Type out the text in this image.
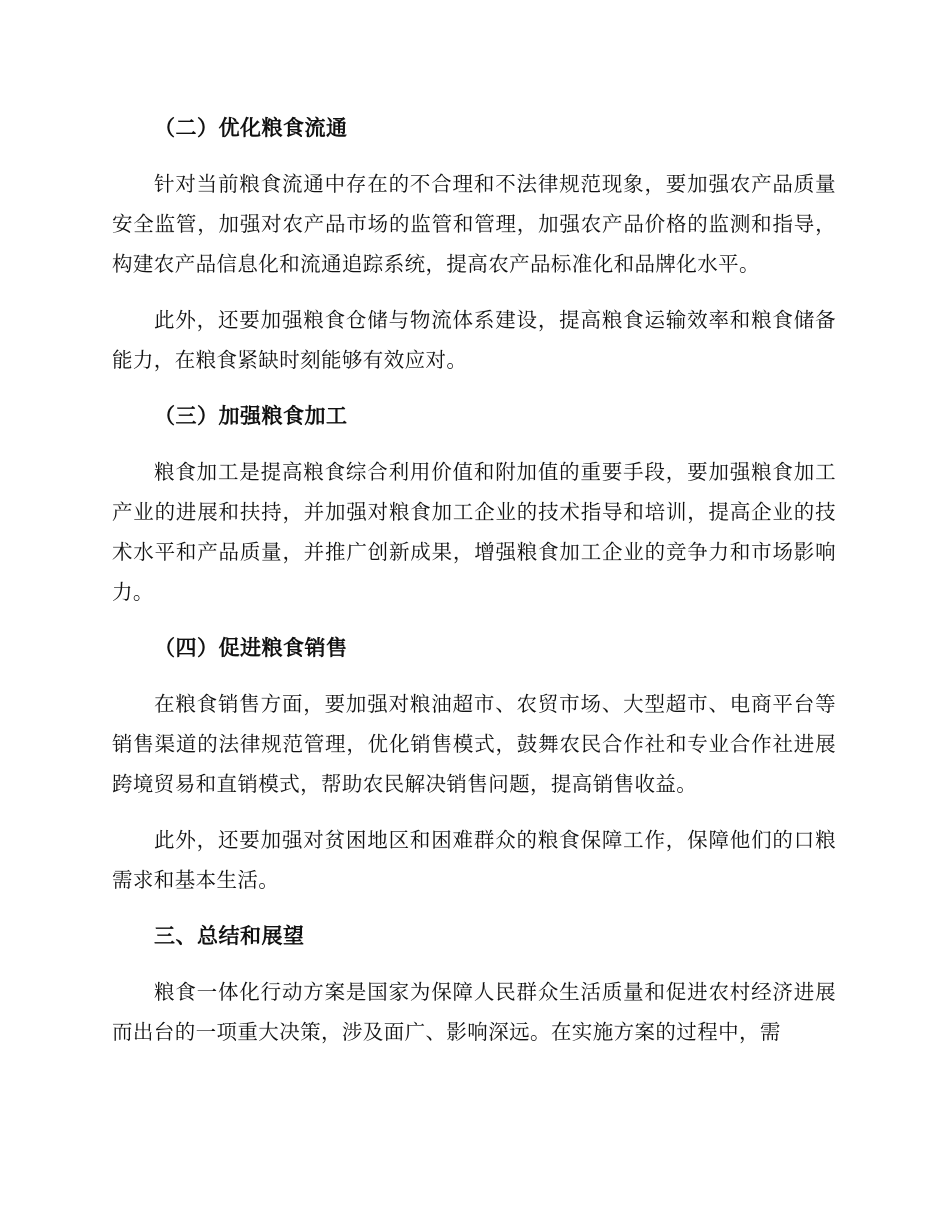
（二）优化粮食流通

针对当前粮食流通中存在的不合理和不法律规范现象，要加强农产品质量安全监管，加强对农产品市场的监管和管理，加强农产品价格的监测和指导，构建农产品信息化和流通追踪系统，提高农产品标准化和品牌化水平。

此外，还要加强粮食仓储与物流体系建设，提高粮食运输效率和粮食储备能力，在粮食紧缺时刻能够有效应对。

（三）加强粮食加工

粮食加工是提高粮食综合利用价值和附加值的重要手段，要加强粮食加工产业的进展和扶持，并加强对粮食加工企业的技术指导和培训，提高企业的技术水平和产品质量，并推广创新成果，增强粮食加工企业的竞争力和市场影响力。

（四）促进粮食销售

在粮食销售方面，要加强对粮油超市、农贸市场、大型超市、电商平台等销售渠道的法律规范管理，优化销售模式，鼓舞农民合作社和专业合作社进展跨境贸易和直销模式，帮助农民解决销售问题，提高销售收益。

此外，还要加强对贫困地区和困难群众的粮食保障工作，保障他们的口粮需求和基本生活。

三、总结和展望

粮食一体化行动方案是国家为保障人民群众生活质量和促进农村经济进展而出台的一项重大决策，涉及面广、影响深远。在实施方案的过程中，需
